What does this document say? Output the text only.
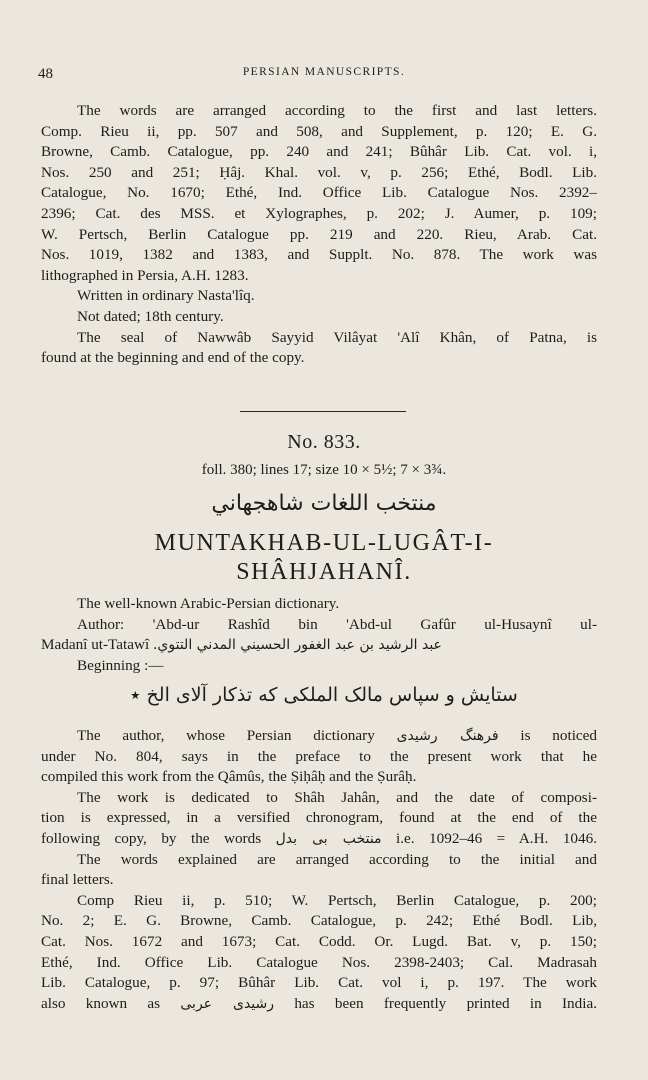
48	PERSIAN MANUSCRIPTS.
The words are arranged according to the first and last letters.
Comp. Rieu ii, pp. 507 and 508, and Supplement, p. 120; E. G.
Browne, Camb. Catalogue, pp. 240 and 241; Bûhâr Lib. Cat. vol. i,
Nos. 250 and 251; Ḥâj. Khal. vol. v, p. 256; Ethé, Bodl. Lib.
Catalogue, No. 1670; Ethé, Ind. Office Lib. Catalogue Nos. 2392–
2396; Cat. des MSS. et Xylographes, p. 202; J. Aumer, p. 109;
W. Pertsch, Berlin Catalogue pp. 219 and 220. Rieu, Arab. Cat.
Nos. 1019, 1382 and 1383, and Supplt. No. 878. The work was
lithographed in Persia, A.H. 1283.
Written in ordinary Nasta'lîq.
Not dated; 18th century.
The seal of Nawwâb Sayyid Vilâyat 'Alî Khân, of Patna, is
found at the beginning and end of the copy.
No. 833.
foll. 380; lines 17; size 10 × 5½; 7 × 3¾.
منتخب اللغات شاهجهاني
MUNTAKHAB-UL-LUGÂT-I-
SHÂHJAHANÎ.
The well-known Arabic-Persian dictionary.
Author: 'Abd-ur Rashîd bin 'Abd-ul Gafûr ul-Husaynî ul-
Madanî ut-Tatawî عبد الرشيد بن عبد الغفور الحسيني المدني التتوي.
Beginning :—
ستایش و سپاس مالک الملکی که تذکار آلای الخ ٭
The author, whose Persian dictionary فرهنگ رشیدی is noticed
under No. 804, says in the preface to the present work that he
compiled this work from the Qâmûs, the Ṣiḥâḥ and the Ṣurâḥ.
The work is dedicated to Shâh Jahân, and the date of composi-
tion is expressed, in a versified chronogram, found at the end of the
following copy, by the words منتخب بی بدل i.e. 1092–46 = A.H. 1046.
The words explained are arranged according to the initial and
final letters.
Comp Rieu ii, p. 510; W. Pertsch, Berlin Catalogue, p. 200;
No. 2; E. G. Browne, Camb. Catalogue, p. 242; Ethé Bodl. Lib,
Cat. Nos. 1672 and 1673; Cat. Codd. Or. Lugd. Bat. v, p. 150;
Ethé, Ind. Office Lib. Catalogue Nos. 2398-2403; Cal. Madrasah
Lib. Catalogue, p. 97; Bûhâr Lib. Cat. vol i, p. 197. The work
also known as رشیدی عربی has been frequently printed in India.
